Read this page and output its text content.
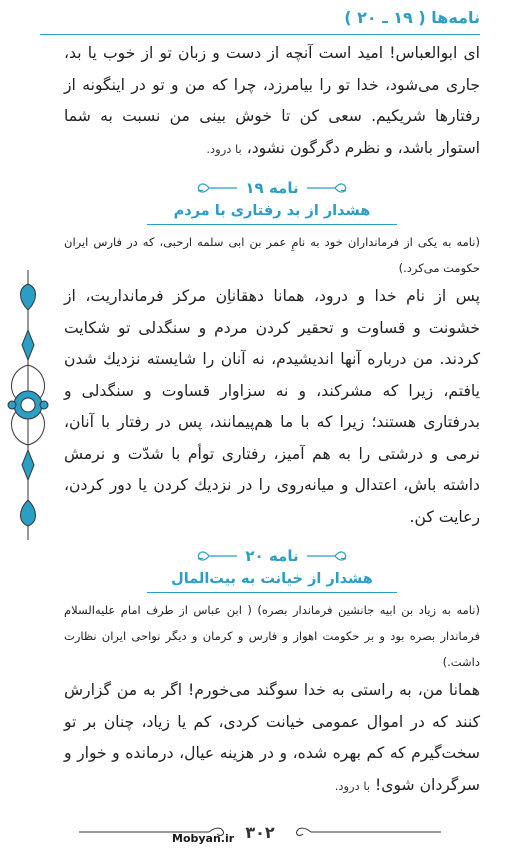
نامه‌ها ( ۱۹ ـ ۲۰ )

ای ابوالعباس! امید است آنچه از دست و زبان تو از خوب یا بد، جاری می‌شود، خدا تو را بیامرزد، چرا که من و تو در اینگونه از رفتارها شریکیم. سعی کن تا خوش بینی من نسبت به شما استوار باشد، و نظرم دگرگون نشود، با درود.

نامه ۱۹
هشدار از بد رفتاری با مردم

(نامه به یکی از فرمانداران خود به نامِ عمر بن ابی سلمه ارحبی، که در فارس ایران حکومت می‌کرد.)

پس از نام خدا و درود، همانا دهقاناِن مرکز فرمانداریت، از خشونت و قساوت و تحقیر کردن مردم و سنگدلی تو شکایت کردند. من درباره آنها اندیشیدم، نه آنان را شایسته نزدیك شدن یافتم، زیرا که مشرکند، و نه سزاوار قساوت و سنگدلی و بدرفتاری هستند؛ زیرا که با ما هم‌پیمانند، پس در رفتار با آنان، نرمی و درشتی را به هم آمیز، رفتاری توأم با شدّت و نرمش داشته باش، اعتدال و میانه‌روی را در نزدیك کردن یا دور کردن، رعایت کن.

نامه ۲۰
هشدار از خیانت به بیت‌المال

(نامه به زیاد بن ابیه جانشین فرماندار بصره) ( ابن عباس از طرف امام عليه‌السلام فرماندار بصره بود و بر حکومت اهواز و فارس و کرمان و دیگر نواحی ایران نظارت داشت.)

همانا من، به راستی به خدا سوگند می‌خورم! اگر به من گزارش کنند که در اموال عمومی خیانت کردی، کم یا زیاد، چنان بر تو سخت‌گیرم که کم بهره شده، و در هزینه عیال، درمانده و خوار و سرگردان شوی! با درود.

۳۰۲
Mobyan.ir
